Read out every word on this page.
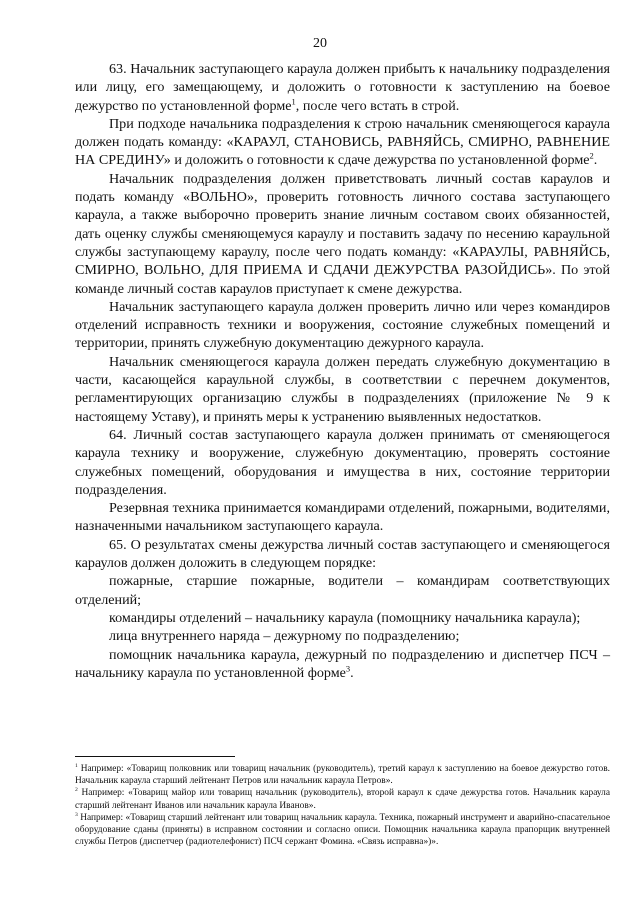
20

63. Начальник заступающего караула должен прибыть к начальнику подразделения или лицу, его замещающему, и доложить о готовности к заступлению на боевое дежурство по установленной форме$^1$, после чего встать в строй.

При подходе начальника подразделения к строю начальник сменяющегося караула должен подать команду: «КАРАУЛ, СТАНОВИСЬ, РАВНЯЙСЬ, СМИРНО, РАВНЕНИЕ НА СРЕДИНУ» и доложить о готовности к сдаче дежурства по установленной форме$^2$.

Начальник подразделения должен приветствовать личный состав караулов и подать команду «ВОЛЬНО», проверить готовность личного состава заступающего караула, а также выборочно проверить знание личным составом своих обязанностей, дать оценку службы сменяющемуся караулу и поставить задачу по несению караульной службы заступающему караулу, после чего подать команду: «КАРАУЛЫ, РАВНЯЙСЬ, СМИРНО, ВОЛЬНО, ДЛЯ ПРИЕМА И СДАЧИ ДЕЖУРСТВА РАЗОЙДИСЬ». По этой команде личный состав караулов приступает к смене дежурства.

Начальник заступающего караула должен проверить лично или через командиров отделений исправность техники и вооружения, состояние служебных помещений и территории, принять служебную документацию дежурного караула.

Начальник сменяющегося караула должен передать служебную документацию в части, касающейся караульной службы, в соответствии с перечнем документов, регламентирующих организацию службы в подразделениях (приложение № 9 к настоящему Уставу), и принять меры к устранению выявленных недостатков.

64. Личный состав заступающего караула должен принимать от сменяющегося караула технику и вооружение, служебную документацию, проверять состояние служебных помещений, оборудования и имущества в них, состояние территории подразделения.

Резервная техника принимается командирами отделений, пожарными, водителями, назначенными начальником заступающего караула.

65. О результатах смены дежурства личный состав заступающего и сменяющегося караулов должен доложить в следующем порядке:

пожарные, старшие пожарные, водители – командирам соответствующих отделений;

командиры отделений – начальнику караула (помощнику начальника караула);

лица внутреннего наряда – дежурному по подразделению;

помощник начальника караула, дежурный по подразделению и диспетчер ПСЧ – начальнику караула по установленной форме$^3$.

$^1$ Например: «Товарищ полковник или товарищ начальник (руководитель), третий караул к заступлению на боевое дежурство готов. Начальник караула старший лейтенант Петров или начальник караула Петров».

$^2$ Например: «Товарищ майор или товарищ начальник (руководитель), второй караул к сдаче дежурства готов. Начальник караула старший лейтенант Иванов или начальник караула Иванов».

$^3$ Например: «Товарищ старший лейтенант или товарищ начальник караула. Техника, пожарный инструмент и аварийно-спасательное оборудование сданы (приняты) в исправном состоянии и согласно описи. Помощник начальника караула прапорщик внутренней службы Петров (диспетчер (радиотелефонист) ПСЧ сержант Фомина. «Связь исправна»)».
